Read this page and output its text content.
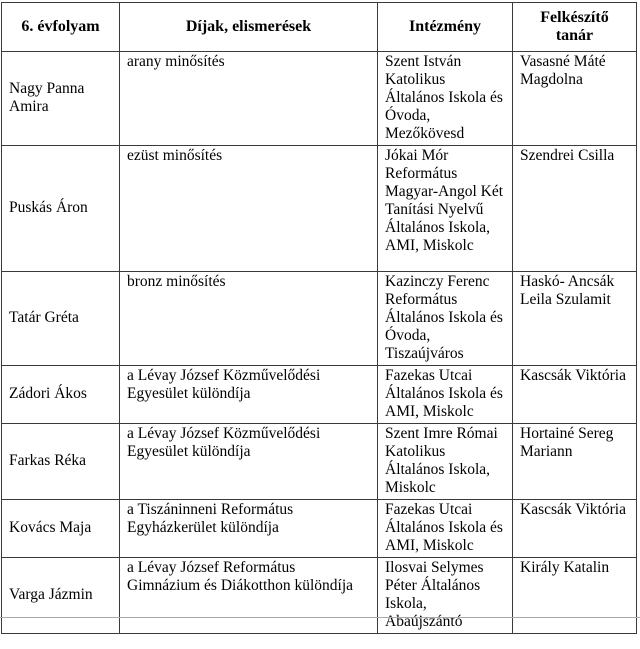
6. évfolyam	Díjak, elismerések	Intézmény	Felkészítő tanár
Nagy Panna Amira	arany minősítés	Szent István Katolikus Általános Iskola és Óvoda, Mezőkövesd	Vasasné Máté Magdolna
Puskás Áron	ezüst minősítés	Jókai Mór Református Magyar-Angol Két Tanítási Nyelvű Általános Iskola, AMI, Miskolc	Szendrei Csilla
Tatár Gréta	bronz minősítés	Kazinczy Ferenc Református Általános Iskola és Óvoda, Tiszaújváros	Haskó- Ancsák Leila Szulamit
Zádori Ákos	a Lévay József Közművelődési Egyesület különdíja	Fazekas Utcai Általános Iskola és AMI, Miskolc	Kascsák Viktória
Farkas Réka	a Lévay József Közművelődési Egyesület különdíja	Szent Imre Római Katolikus Általános Iskola, Miskolc	Hortainé Sereg Mariann
Kovács Maja	a Tiszáninneni Református Egyházkerület különdíja	Fazekas Utcai Általános Iskola és AMI, Miskolc	Kascsák Viktória
Varga Jázmin	a Lévay József Református Gimnázium és Diákotthon különdíja	Ilosvai Selymes Péter Általános Iskola, Abaújszántó	Király Katalin
